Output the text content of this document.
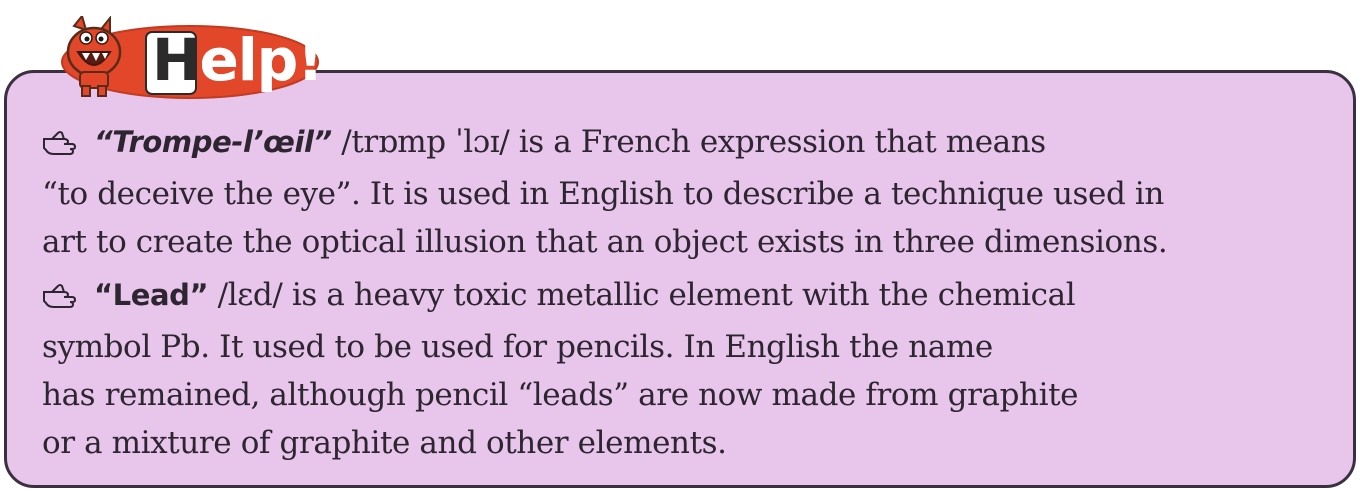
Help!

“Trompe-l’œil” /trɒmp ˈlɔɪ/ is a French expression that means
“to deceive the eye”. It is used in English to describe a technique used in
art to create the optical illusion that an object exists in three dimensions.

“Lead” /lɛd/ is a heavy toxic metallic element with the chemical
symbol Pb. It used to be used for pencils. In English the name
has remained, although pencil “leads” are now made from graphite
or a mixture of graphite and other elements.
